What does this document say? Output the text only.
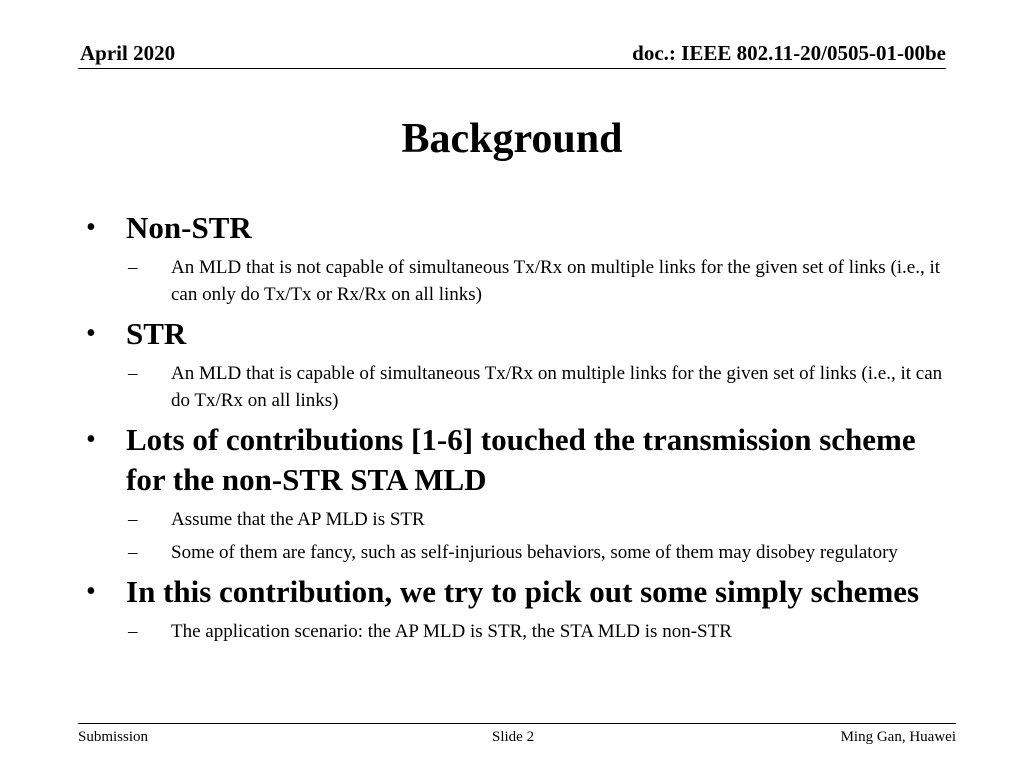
April 2020	doc.: IEEE 802.11-20/0505-01-00be
Background
• Non-STR
– An MLD that is not capable of simultaneous Tx/Rx on multiple links for the given set of links (i.e., it can only do Tx/Tx or Rx/Rx on all links)
• STR
– An MLD that is capable of simultaneous Tx/Rx on multiple links for the given set of links (i.e., it can do Tx/Rx on all links)
• Lots of contributions [1-6] touched the transmission scheme for the non-STR STA MLD
– Assume that the AP MLD is STR
– Some of them are fancy, such as self-injurious behaviors, some of them may disobey regulatory
• In this contribution, we try to pick out some simply schemes
– The application scenario: the AP MLD is STR, the STA MLD is non-STR
Submission	Slide 2	Ming Gan, Huawei
